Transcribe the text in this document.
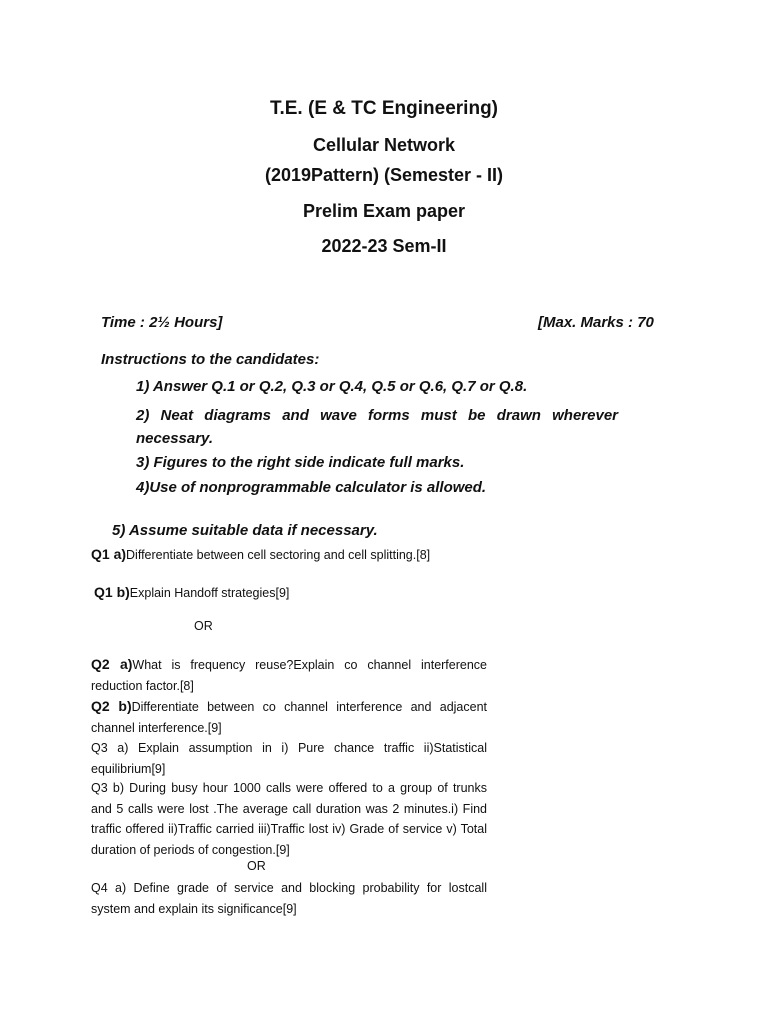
T.E. (E & TC Engineering)
Cellular Network
(2019Pattern) (Semester - II)
Prelim Exam paper
2022-23 Sem-II
Time : 2½ Hours]	[Max. Marks : 70
Instructions to the candidates:
1) Answer Q.1 or Q.2, Q.3 or Q.4, Q.5 or Q.6, Q.7 or Q.8.
2) Neat diagrams and wave forms must be drawn wherever necessary.
3) Figures to the right side indicate full marks.
4)Use of nonprogrammable calculator is allowed.
5) Assume suitable data if necessary.
Q1 a)Differentiate between cell sectoring and cell splitting.[8]
Q1 b)Explain Handoff strategies[9]
OR
Q2 a)What is frequency reuse?Explain co channel interference reduction factor.[8]
Q2 b)Differentiate between co channel interference and adjacent channel interference.[9]
Q3 a) Explain assumption in i) Pure chance traffic ii)Statistical equilibrium[9]
Q3 b) During busy hour 1000 calls were offered to a group of trunks and 5 calls were lost .The average call duration was 2 minutes.i) Find traffic offered ii)Traffic carried iii)Traffic lost iv) Grade of service v) Total duration of periods of congestion.[9]
OR
Q4 a) Define grade of service and blocking probability for lostcall system and explain its significance[9]
